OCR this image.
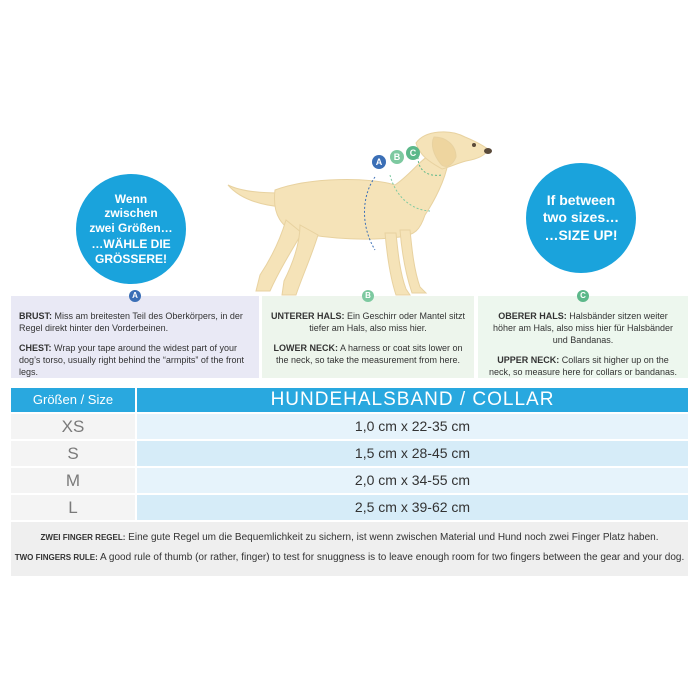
Wenn
zwischen
zwei Größen…
…WÄHLE DIE
GRÖSSERE!
A	B	C
If between
two sizes…
…SIZE UP!
A
BRUST: Miss am breitesten Teil des Oberkörpers, in der Regel direkt hinter den Vorderbeinen.
CHEST: Wrap your tape around the widest part of your dog’s torso, usually right behind the “armpits” of the front legs.
B
UNTERER HALS: Ein Geschirr oder Mantel sitzt tiefer am Hals, also miss hier.
LOWER NECK: A harness or coat sits lower on the neck, so take the measurement from here.
C
OBERER HALS: Halsbänder sitzen weiter höher am Hals, also miss hier für Halsbänder und Bandanas.
UPPER NECK: Collars sit higher up on the neck, so measure here for collars or bandanas.
Größen / Size	HUNDEHALSBAND / COLLAR
XS	1,0 cm x 22-35 cm
S	1,5 cm x 28-45 cm
M	2,0 cm x 34-55 cm
L	2,5 cm x 39-62 cm
ZWEI FINGER REGEL: Eine gute Regel um die Bequemlichkeit zu sichern, ist wenn zwischen Material und Hund noch zwei Finger Platz haben.
TWO FINGERS RULE: A good rule of thumb (or rather, finger) to test for snuggness is to leave enough room for two fingers between the gear and your dog.
